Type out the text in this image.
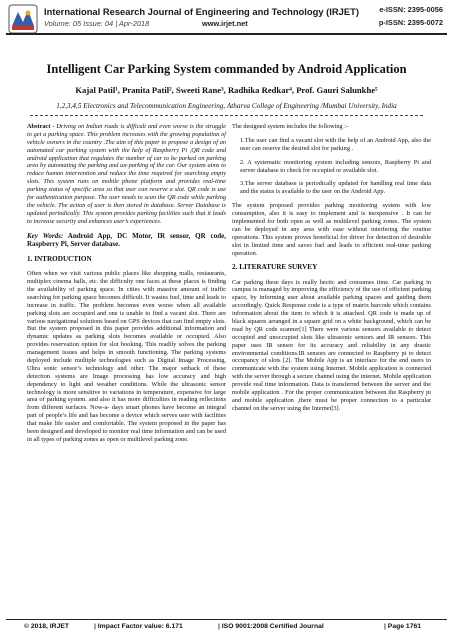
International Research Journal of Engineering and Technology (IRJET)
Volume: 05 Issue: 04 | Apr-2018	www.irjet.net
e-ISSN: 2395-0056
p-ISSN: 2395-0072
Intelligent Car Parking System commanded by Android Application
Kajal Patil¹, Pranita Patil², Sweeti Rane³, Radhika Redkar⁴, Prof. Gauri Salunkhe⁵
1,2,3,4,5 Electronics and Telecommunication Engineering, Atharva College of Engineering /Mumbai University, India

Abstract - Driving on Indian roads is difficult and even worse is the struggle to get a parking space. This problem increases with the growing population of vehicle owners in the country .The aim of this paper to propose a design of an automated car parking system with the help of Raspberry Pi ,QR code and android application that regulates the number of car to be parked on parking area by automating the parking and un-parking of the car. Our system aims to reduce human intervention and reduce the time required for searching empty slots. This system runs on mobile phone platform and provides real-time parking status of specific area so that user can reserve a slot. QR code is use for authentication purpose. The user needs to scan the QR code while parking the vehicle. The action of user is then stored in database. Server Database is updated periodically. This system provides parking facilities such that it leads to increase security and enhances user’s experiences.

Key Words: Android App, DC Motor, IR sensor, QR code, Raspberry Pi, Server database.

1. INTRODUCTION

Often when we visit various public places like shopping malls, restaurants, multiplex cinema halls, etc. the difficulty one faces at these places is finding the availability of parking space. In cities with massive amount of traffic searching for parking space becomes difficult. It wastes fuel, time and leads to increase in traffic. The problem becomes even worse when all available parking slots are occupied and one is unable to find a vacant slot. There are various navigational solutions based on GPS devices that can find empty slots. But the system proposed in this paper provides additional information and dynamic updates as parking slots becomes available or occupied. Also provides reservation option for slot booking. This readily solves the parking management issues and helps in smooth functioning. The parking systems deployed include multiple technologies such as Digital Image Processing, Ultra sonic sensor’s technology and other. The major setback of these detection systems are Image processing has low accuracy and high dependency to light and weather conditions. While the ultrasonic sensor technology is more sensitive to variations in temperature, expensive for large area of parking system. and also it has more difficulties in reading reflections from different surfaces. Now-a- days smart phones have become an integral part of people’s life and has become a device which serves user with facilities that make life easier and comfortable. The system proposed in the paper has been designed and developed to monitor real time information and can be used in all types of parking zones as open or multilevel parking zone.

The designed system includes the following :-

1.The user can find a vacant slot with the help of an Android App, also the user can reserve the desired slot for parking .

2. A systematic monitoring system including sensors, Raspberry Pi and server database to check for occupied or available slot.

3.The server database is periodically updated for handling real time data and the status is available to the user on the Android App.

The system proposed provides parking monitoring system with low consumption, also it is easy to implement and is inexpensive . It can be implemented for both open as well as multilevel parking zones. The system can be deployed in any area with ease without interfering the routine operations. This system proves beneficial for driver for detection of desirable slot in limited time and saves fuel and leads to efficient real-time parking operation.

2. LITERATURE SURVEY

Car parking these days is really hectic and consumes time. Car parking in campus is managed by improving the efficiency of the use of efficient parking space, by informing user about available parking spaces and guiding them accordingly. Quick Response code is a type of matrix barcode which contains information about the item to which it is attached. QR code is made up of black squares arranged in a square grid on a white background, which can be read by QR code scanner[1] There were various sensors available to detect occupied and unoccupied slots like ultrasonic sensors and IR sensors. This paper uses IR sensor for its accuracy and reliability in any drastic environmental conditions.IR sensors are connected to Raspberry pi to detect occupancy of slots [2]. The Mobile App is an interface for the end users to communicate with the system using Internet. Mobile application is connected with the server through a secure channel using the internet. Mobile application provide real time information. Data is transferred between the server and the mobile application . For the proper communication between the Raspberry pi and mobile application ,there must be proper connection to a particular channel on the server using the Internet[3].

© 2018, IRJET	|
Impact Factor value: 6.171	|
ISO 9001:2008 Certified Journal	|
Page 1761
